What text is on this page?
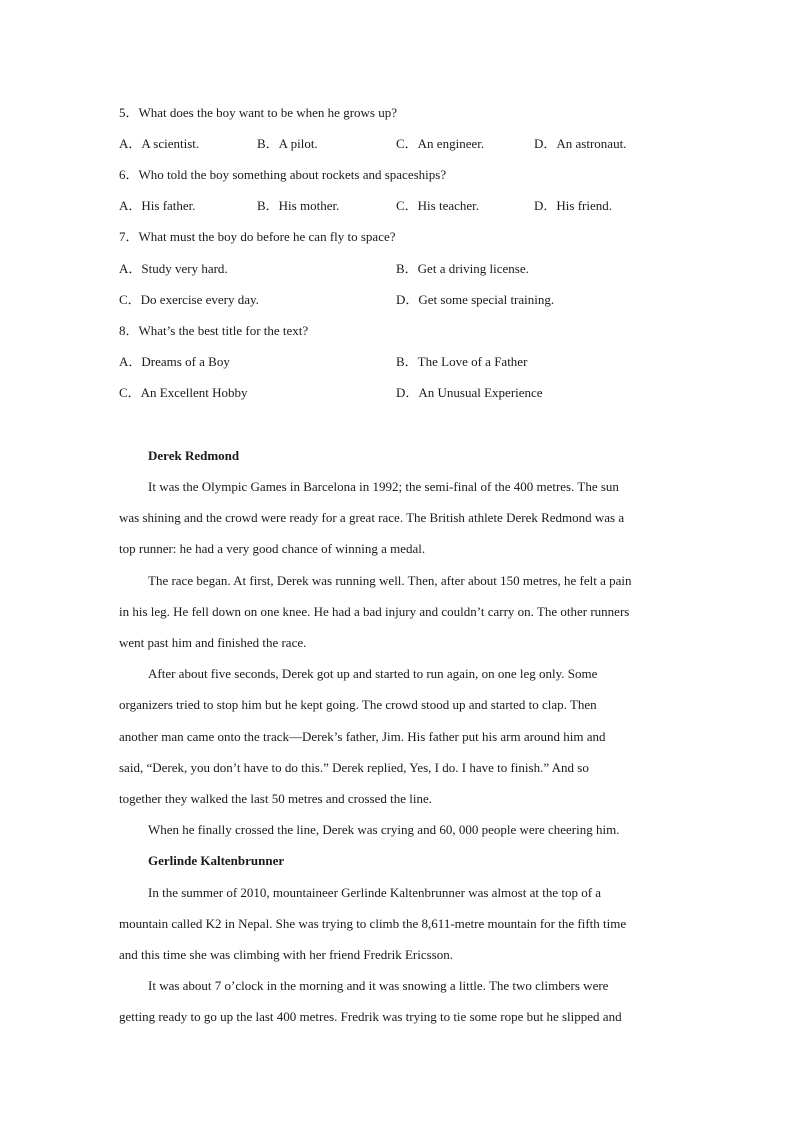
5．What does the boy want to be when he grows up?
A．A scientist.	B．A pilot.	C．An engineer.	D．An astronaut.
6．Who told the boy something about rockets and spaceships?
A．His father.	B．His mother.	C．His teacher.	D．His friend.
7．What must the boy do before he can fly to space?
A．Study very hard.	B．Get a driving license.
C．Do exercise every day.	D．Get some special training.
8．What’s the best title for the text?
A．Dreams of a Boy	B．The Love of a Father
C．An Excellent Hobby	D．An Unusual Experience
Derek Redmond
It was the Olympic Games in Barcelona in 1992; the semi-final of the 400 metres. The sun
was shining and the crowd were ready for a great race. The British athlete Derek Redmond was a
top runner: he had a very good chance of winning a medal.
The race began. At first, Derek was running well. Then, after about 150 metres, he felt a pain
in his leg. He fell down on one knee. He had a bad injury and couldn’t carry on. The other runners
went past him and finished the race.
After about five seconds, Derek got up and started to run again, on one leg only. Some
organizers tried to stop him but he kept going. The crowd stood up and started to clap. Then
another man came onto the track—Derek’s father, Jim. His father put his arm around him and
said, “Derek, you don’t have to do this.” Derek replied, Yes, I do. I have to finish.” And so
together they walked the last 50 metres and crossed the line.
When he finally crossed the line, Derek was crying and 60, 000 people were cheering him.
Gerlinde Kaltenbrunner
In the summer of 2010, mountaineer Gerlinde Kaltenbrunner was almost at the top of a
mountain called K2 in Nepal. She was trying to climb the 8,611-metre mountain for the fifth time
and this time she was climbing with her friend Fredrik Ericsson.
It was about 7 o’clock in the morning and it was snowing a little. The two climbers were
getting ready to go up the last 400 metres. Fredrik was trying to tie some rope but he slipped and
